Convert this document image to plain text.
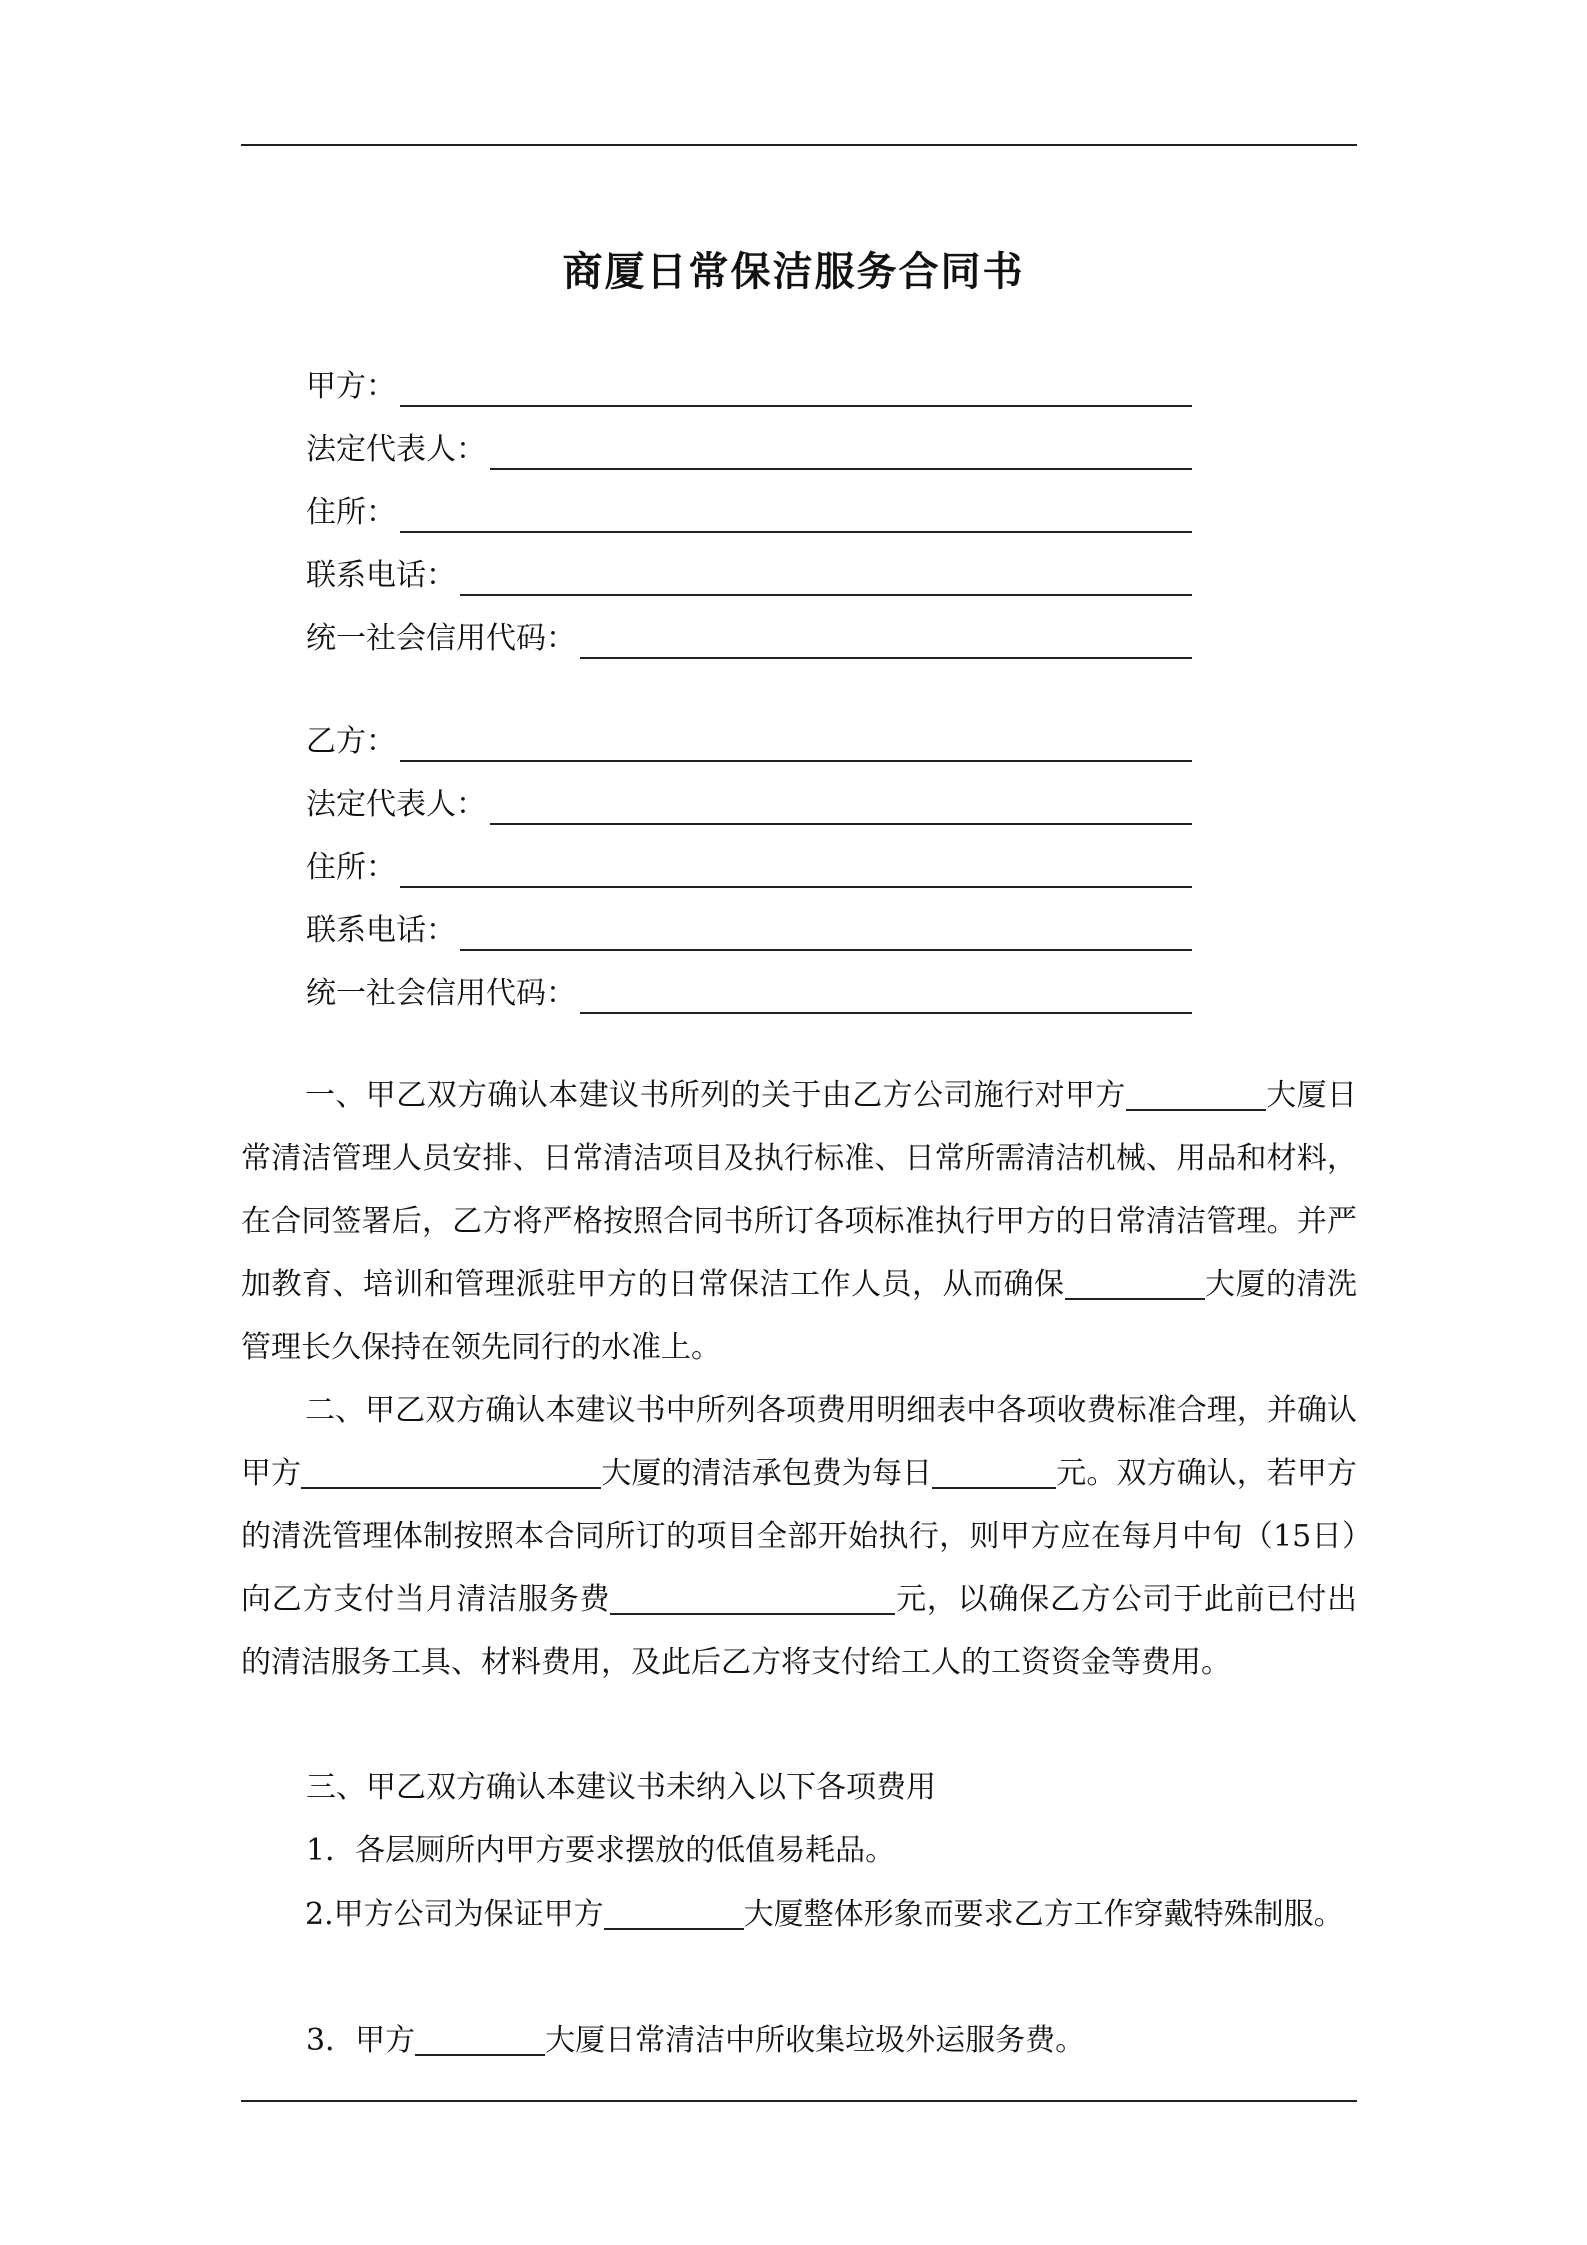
商厦日常保洁服务合同书
甲方：
法定代表人：
住所：
联系电话：
统一社会信用代码：
乙方：
法定代表人：
住所：
联系电话：
统一社会信用代码：

一、甲乙双方确认本建议书所列的关于由乙方公司施行对甲方	大厦日常清洁管理人员安排、日常清洁项目及执行标准、日常所需清洁机械、用品和材料，在合同签署后，乙方将严格按照合同书所订各项标准执行甲方的日常清洁管理。并严加教育、培训和管理派驻甲方的日常保洁工作人员，从而确保	大厦的清洗管理长久保持在领先同行的水准上。

二、甲乙双方确认本建议书中所列各项费用明细表中各项收费标准合理，并确认甲方	大厦的清洁承包费为每日	元。双方确认，若甲方的清洗管理体制按照本合同所订的项目全部开始执行，则甲方应在每月中旬（15日）向乙方支付当月清洁服务费	元，以确保乙方公司于此前已付出的清洁服务工具、材料费用，及此后乙方将支付给工人的工资资金等费用。

三、甲乙双方确认本建议书未纳入以下各项费用
1．各层厕所内甲方要求摆放的低值易耗品。

2.甲方公司为保证甲方	大厦整体形象而要求乙方工作穿戴特殊制服。

3．甲方	大厦日常清洁中所收集垃圾外运服务费。
